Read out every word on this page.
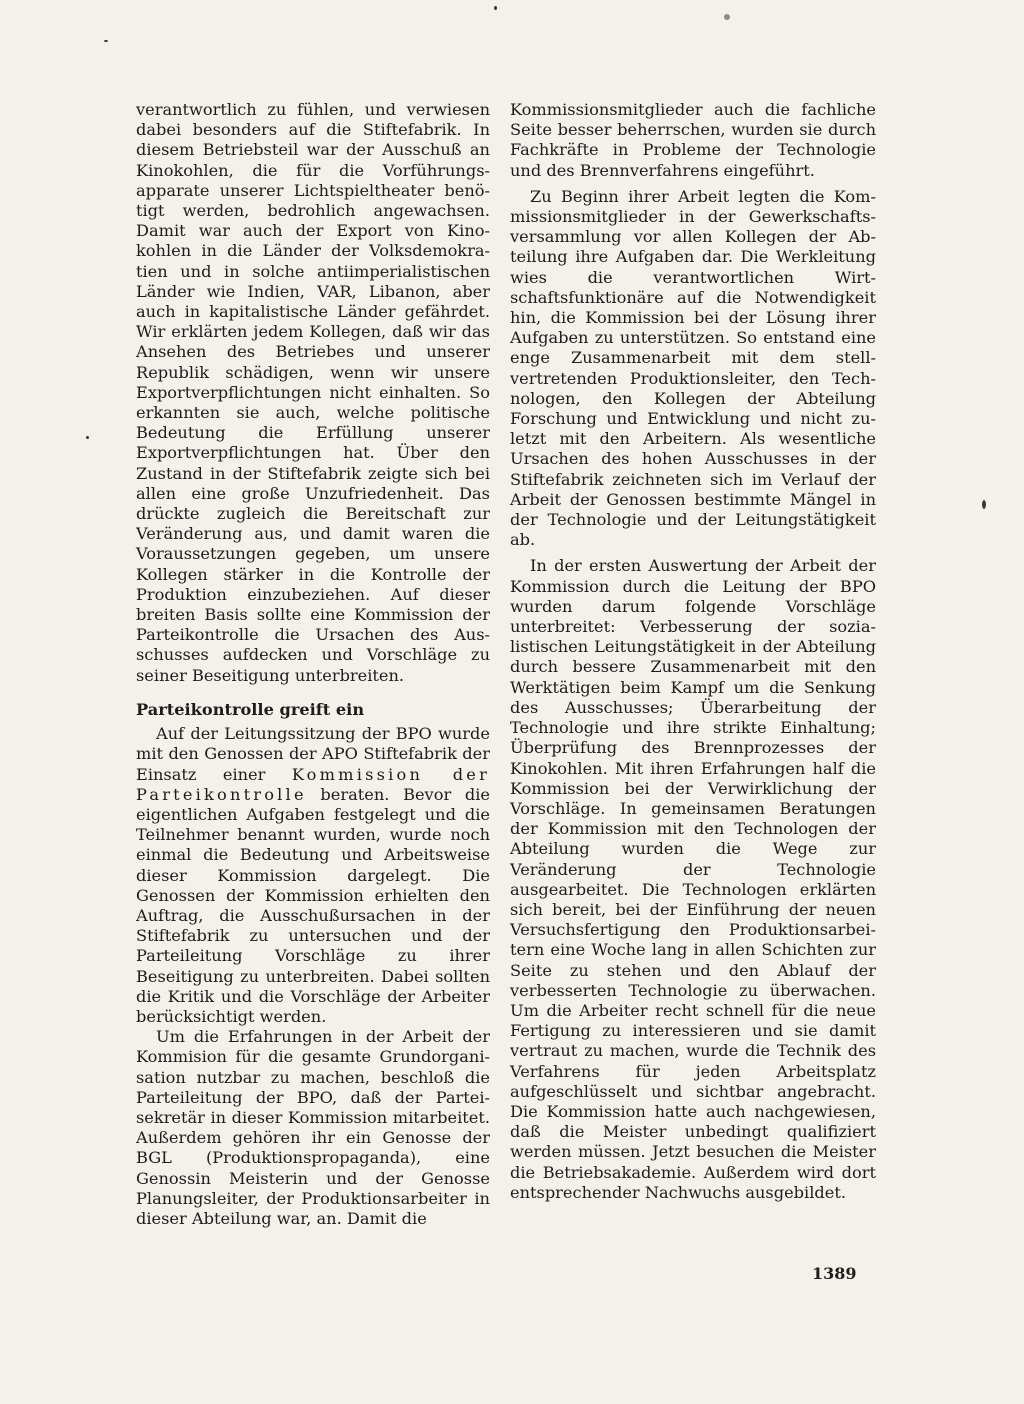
verantwortlich zu fühlen, und verwiesen dabei besonders auf die Stiftefabrik. In diesem Betriebsteil war der Ausschuß an Kinokohlen, die für die Vorführungsapparate unserer Lichtspieltheater benötigt werden, bedrohlich angewachsen. Damit war auch der Export von Kinokohlen in die Länder der Volksdemokratien und in solche antiimperialistischen Länder wie Indien, VAR, Libanon, aber auch in kapitalistische Länder gefährdet. Wir erklärten jedem Kollegen, daß wir das Ansehen des Betriebes und unserer Republik schädigen, wenn wir unsere Exportverpflichtungen nicht einhalten. So erkannten sie auch, welche politische Bedeutung die Erfüllung unserer Exportverpflichtungen hat. Über den Zustand in der Stiftefabrik zeigte sich bei allen eine große Unzufriedenheit. Das drückte zugleich die Bereitschaft zur Veränderung aus, und damit waren die Voraussetzungen gegeben, um unsere Kollegen stärker in die Kontrolle der Produktion einzubeziehen. Auf dieser breiten Basis sollte eine Kommission der Parteikontrolle die Ursachen des Ausschusses aufdecken und Vorschläge zu seiner Beseitigung unterbreiten.

Parteikontrolle greift ein

Auf der Leitungssitzung der BPO wurde mit den Genossen der APO Stiftefabrik der Einsatz einer Kommission der Parteikontrolle beraten. Bevor die eigentlichen Aufgaben festgelegt und die Teilnehmer benannt wurden, wurde noch einmal die Bedeutung und Arbeitsweise dieser Kommission dargelegt. Die Genossen der Kommission erhielten den Auftrag, die Ausschußursachen in der Stiftefabrik zu untersuchen und der Parteileitung Vorschläge zu ihrer Beseitigung zu unterbreiten. Dabei sollten die Kritik und die Vorschläge der Arbeiter berücksichtigt werden.

Um die Erfahrungen in der Arbeit der Kommision für die gesamte Grundorganisation nutzbar zu machen, beschloß die Parteileitung der BPO, daß der Parteisekretär in dieser Kommission mitarbeitet. Außerdem gehören ihr ein Genosse der BGL (Produktionspropaganda), eine Genossin Meisterin und der Genosse Planungsleiter, der Produktionsarbeiter in dieser Abteilung war, an. Damit die

Kommissionsmitglieder auch die fachliche Seite besser beherrschen, wurden sie durch Fachkräfte in Probleme der Technologie und des Brennverfahrens eingeführt.

Zu Beginn ihrer Arbeit legten die Kommissionsmitglieder in der Gewerkschaftsversammlung vor allen Kollegen der Abteilung ihre Aufgaben dar. Die Werkleitung wies die verantwortlichen Wirtschaftsfunktionäre auf die Notwendigkeit hin, die Kommission bei der Lösung ihrer Aufgaben zu unterstützen. So entstand eine enge Zusammenarbeit mit dem stellvertretenden Produktionsleiter, den Technologen, den Kollegen der Abteilung Forschung und Entwicklung und nicht zuletzt mit den Arbeitern. Als wesentliche Ursachen des hohen Ausschusses in der Stiftefabrik zeichneten sich im Verlauf der Arbeit der Genossen bestimmte Mängel in der Technologie und der Leitungstätigkeit ab.

In der ersten Auswertung der Arbeit der Kommission durch die Leitung der BPO wurden darum folgende Vorschläge unterbreitet: Verbesserung der sozialistischen Leitungstätigkeit in der Abteilung durch bessere Zusammenarbeit mit den Werktätigen beim Kampf um die Senkung des Ausschusses; Überarbeitung der Technologie und ihre strikte Einhaltung; Überprüfung des Brennprozesses der Kinokohlen. Mit ihren Erfahrungen half die Kommission bei der Verwirklichung der Vorschläge. In gemeinsamen Beratungen der Kommission mit den Technologen der Abteilung wurden die Wege zur Veränderung der Technologie ausgearbeitet. Die Technologen erklärten sich bereit, bei der Einführung der neuen Versuchsfertigung den Produktionsarbeitern eine Woche lang in allen Schichten zur Seite zu stehen und den Ablauf der verbesserten Technologie zu überwachen. Um die Arbeiter recht schnell für die neue Fertigung zu interessieren und sie damit vertraut zu machen, wurde die Technik des Verfahrens für jeden Arbeitsplatz aufgeschlüsselt und sichtbar angebracht. Die Kommission hatte auch nachgewiesen, daß die Meister unbedingt qualifiziert werden müssen. Jetzt besuchen die Meister die Betriebsakademie. Außerdem wird dort entsprechender Nachwuchs ausgebildet.

1389
